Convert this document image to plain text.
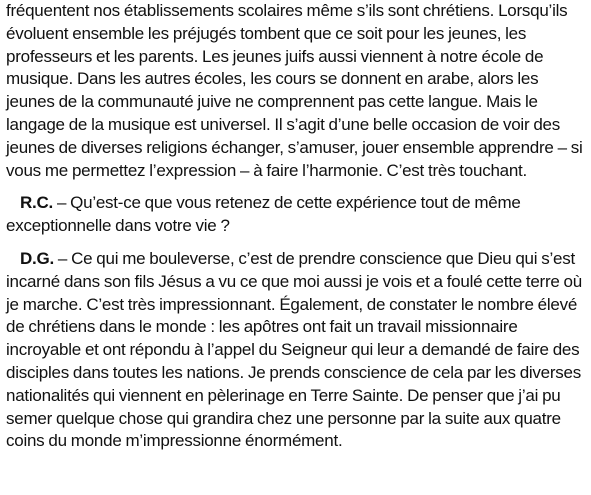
fréquentent nos établissements scolaires même s’ils sont chrétiens. Lorsqu’ils évoluent ensemble les préjugés tombent que ce soit pour les jeunes, les professeurs et les parents. Les jeunes juifs aussi viennent à notre école de musique. Dans les autres écoles, les cours se donnent en arabe, alors les jeunes de la communauté juive ne comprennent pas cette langue. Mais le langage de la musique est universel. Il s’agit d’une belle occasion de voir des jeunes de diverses religions échanger, s’amuser, jouer ensemble apprendre – si vous me permettez l’expression – à faire l’harmonie. C’est très touchant.

R.C. – Qu’est-ce que vous retenez de cette expérience tout de même exceptionnelle dans votre vie ?

D.G. – Ce qui me bouleverse, c’est de prendre conscience que Dieu qui s’est incarné dans son fils Jésus a vu ce que moi aussi je vois et a foulé cette terre où je marche. C’est très impressionnant. Également, de constater le nombre élevé de chrétiens dans le monde : les apôtres ont fait un travail missionnaire incroyable et ont répondu à l’appel du Seigneur qui leur a demandé de faire des disciples dans toutes les nations. Je prends conscience de cela par les diverses nationalités qui viennent en pèlerinage en Terre Sainte. De penser que j’ai pu semer quelque chose qui grandira chez une personne par la suite aux quatre coins du monde m’impressionne énormément.
